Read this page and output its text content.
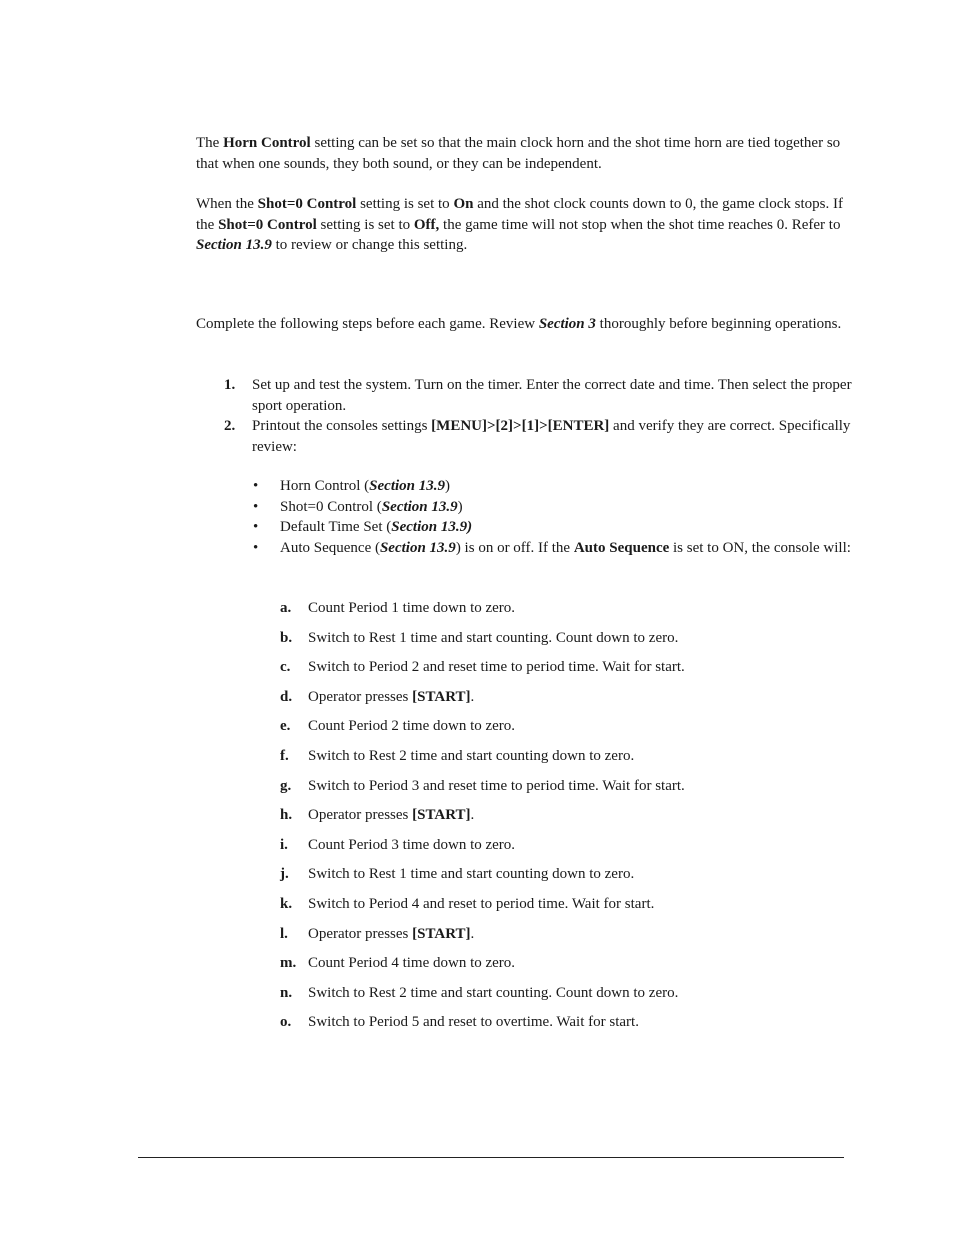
The Horn Control setting can be set so that the main clock horn and the shot time horn are tied together so that when one sounds, they both sound, or they can be independent.

When the Shot=0 Control setting is set to On and the shot clock counts down to 0, the game clock stops. If the Shot=0 Control setting is set to Off, the game time will not stop when the shot time reaches 0. Refer to Section 13.9 to review or change this setting.

Complete the following steps before each game. Review Section 3 thoroughly before beginning operations.

1. Set up and test the system. Turn on the timer. Enter the correct date and time. Then select the proper sport operation.
2. Printout the consoles settings [MENU]>[2]>[1]>[ENTER] and verify they are correct. Specifically review:
• Horn Control (Section 13.9)
• Shot=0 Control (Section 13.9)
• Default Time Set (Section 13.9)
• Auto Sequence (Section 13.9) is on or off. If the Auto Sequence is set to ON, the console will:
a. Count Period 1 time down to zero.
b. Switch to Rest 1 time and start counting. Count down to zero.
c. Switch to Period 2 and reset time to period time. Wait for start.
d. Operator presses [START].
e. Count Period 2 time down to zero.
f. Switch to Rest 2 time and start counting down to zero.
g. Switch to Period 3 and reset time to period time. Wait for start.
h. Operator presses [START].
i. Count Period 3 time down to zero.
j. Switch to Rest 1 time and start counting down to zero.
k. Switch to Period 4 and reset to period time. Wait for start.
l. Operator presses [START].
m. Count Period 4 time down to zero.
n. Switch to Rest 2 time and start counting. Count down to zero.
o. Switch to Period 5 and reset to overtime. Wait for start.
